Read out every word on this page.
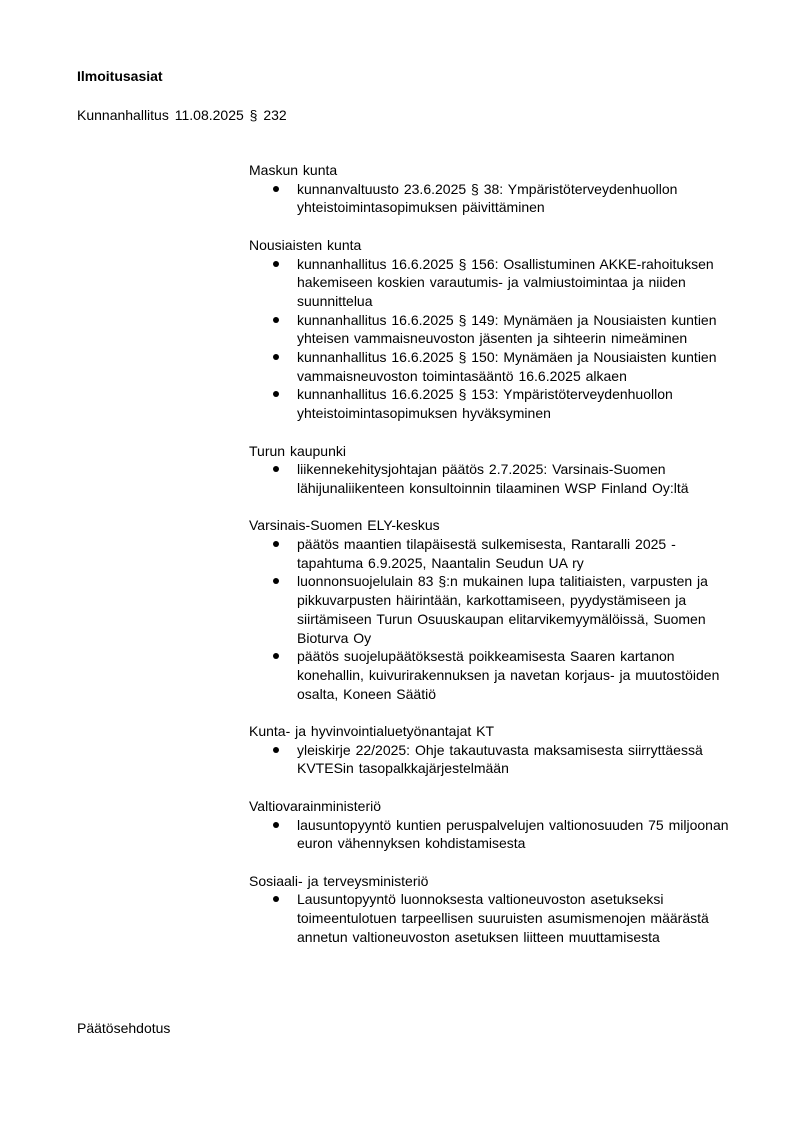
Ilmoitusasiat
Kunnanhallitus 11.08.2025 § 232
Maskun kunta
kunnanvaltuusto 23.6.2025 § 38: Ympäristöterveydenhuollon yhteistoimintasopimuksen päivittäminen
Nousiaisten kunta
kunnanhallitus 16.6.2025 § 156: Osallistuminen AKKE-rahoituksen hakemiseen koskien varautumis- ja valmiustoimintaa ja niiden suunnittelua
kunnanhallitus 16.6.2025 § 149: Mynämäen ja Nousiaisten kuntien yhteisen vammaisneuvoston jäsenten ja sihteerin nimeäminen
kunnanhallitus 16.6.2025 § 150: Mynämäen ja Nousiaisten kuntien vammaisneuvoston toimintasääntö 16.6.2025 alkaen
kunnanhallitus 16.6.2025 § 153: Ympäristöterveydenhuollon yhteistoimintasopimuksen hyväksyminen
Turun kaupunki
liikennekehitysjohtajan päätös 2.7.2025: Varsinais-Suomen lähijunaliikenteen konsultoinnin tilaaminen WSP Finland Oy:ltä
Varsinais-Suomen ELY-keskus
päätös maantien tilapäisestä sulkemisesta, Rantaralli 2025 -tapahtuma 6.9.2025, Naantalin Seudun UA ry
luonnonsuojelulain 83 §:n mukainen lupa talitiaisten, varpusten ja pikkuvarpusten häirintään, karkottamiseen, pyydystämiseen ja siirtämiseen Turun Osuuskaupan elitarvikemyymälöissä, Suomen Bioturva Oy
päätös suojelupäätöksestä poikkeamisesta Saaren kartanon konehallin, kuivurirakennuksen ja navetan korjaus- ja muutostöiden osalta, Koneen Säätiö
Kunta- ja hyvinvointialuetyönantajat KT
yleiskirje 22/2025: Ohje takautuvasta maksamisesta siirryttäessä KVTESin tasopalkkajärjestelmään
Valtiovarainministeriö
lausuntopyyntö kuntien peruspalvelujen valtionosuuden 75 miljoonan euron vähennyksen kohdistamisesta
Sosiaali- ja terveysministeriö
Lausuntopyyntö luonnoksesta valtioneuvoston asetukseksi toimeentulotuen tarpeellisen suuruisten asumismenojen määrästä annetun valtioneuvoston asetuksen liitteen muuttamisesta
Päätösehdotus
